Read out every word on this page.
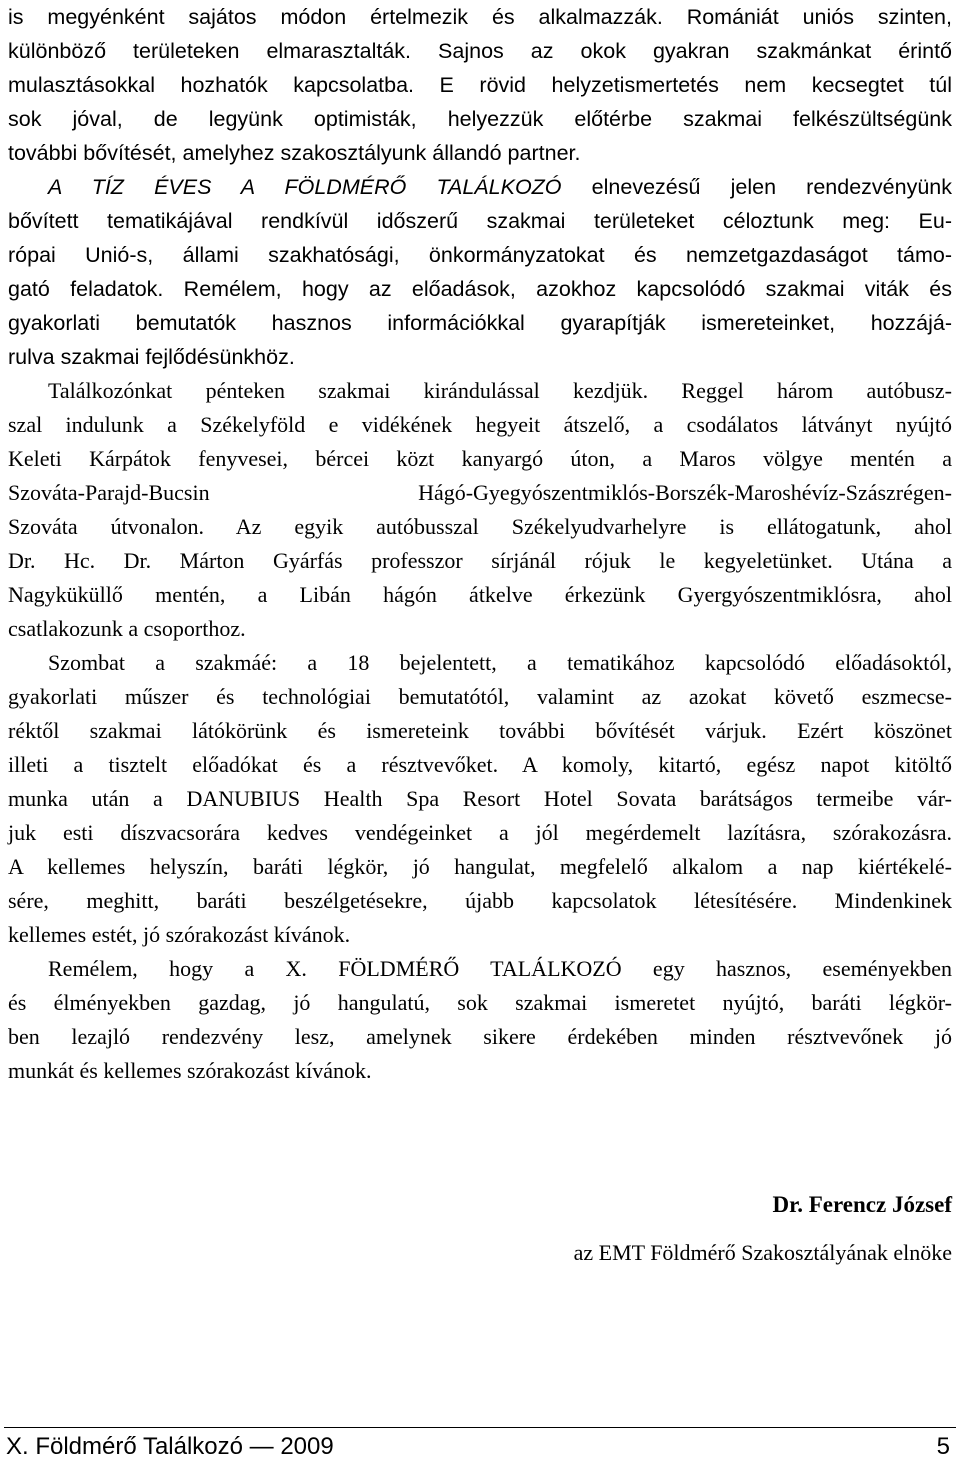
is megyénként sajátos módon értelmezik és alkalmazzák. Romániát uniós szinten,
különböző területeken elmarasztalták. Sajnos az okok gyakran szakmánkat érintő
mulasztásokkal hozhatók kapcsolatba. E rövid helyzetismertetés nem kecsegtet túl
sok jóval, de legyünk optimisták, helyezzük előtérbe szakmai felkészültségünk
további bővítését, amelyhez szakosztályunk állandó partner.
A TÍZ ÉVES A FÖLDMÉRŐ TALÁLKOZÓ elnevezésű jelen rendezvényünk
bővített tematikájával rendkívül időszerű szakmai területeket céloztunk meg: Eu-
rópai Unió-s, állami szakhatósági, önkormányzatokat és nemzetgazdaságot támo-
gató feladatok. Remélem, hogy az előadások, azokhoz kapcsolódó szakmai viták és
gyakorlati bemutatók hasznos információkkal gyarapítják ismereteinket, hozzájá-
rulva szakmai fejlődésünkhöz.
Találkozónkat pénteken szakmai kirándulással kezdjük. Reggel három autóbusz-
szal indulunk a Székelyföld e vidékének hegyeit átszelő, a csodálatos látványt nyújtó
Keleti Kárpátok fenyvesei, bércei közt kanyargó úton, a Maros völgye mentén a
Szováta-Parajd-Bucsin Hágó-Gyegyószentmiklós-Borszék-Maroshévíz-Szászrégen-
Szováta útvonalon. Az egyik autóbusszal Székelyudvarhelyre is ellátogatunk, ahol
Dr. Hc. Dr. Márton Gyárfás professzor sírjánál rójuk le kegyeletünket. Utána a
Nagyküküllő mentén, a Libán hágón átkelve érkezünk Gyergyószentmiklósra, ahol
csatlakozunk a csoporthoz.
Szombat a szakmáé: a 18 bejelentett, a tematikához kapcsolódó előadásoktól,
gyakorlati műszer és technológiai bemutatótól, valamint az azokat követő eszmecse-
réktől szakmai látókörünk és ismereteink további bővítését várjuk. Ezért köszönet
illeti a tisztelt előadókat és a résztvevőket. A komoly, kitartó, egész napot kitöltő
munka után a DANUBIUS Health Spa Resort Hotel Sovata barátságos termeibe vár-
juk esti díszvacsorára kedves vendégeinket a jól megérdemelt lazításra, szórakozásra.
A kellemes helyszín, baráti légkör, jó hangulat, megfelelő alkalom a nap kiértékelé-
sére, meghitt, baráti beszélgetésekre, újabb kapcsolatok létesítésére. Mindenkinek
kellemes estét, jó szórakozást kívánok.
Remélem, hogy a X. FÖLDMÉRŐ TALÁLKOZÓ egy hasznos, eseményekben
és élményekben gazdag, jó hangulatú, sok szakmai ismeretet nyújtó, baráti légkör-
ben lezajló rendezvény lesz, amelynek sikere érdekében minden résztvevőnek jó
munkát és kellemes szórakozást kívánok.
Dr. Ferencz József
az EMT Földmérő Szakosztályának elnöke
X. Földmérő Találkozó — 2009	5
